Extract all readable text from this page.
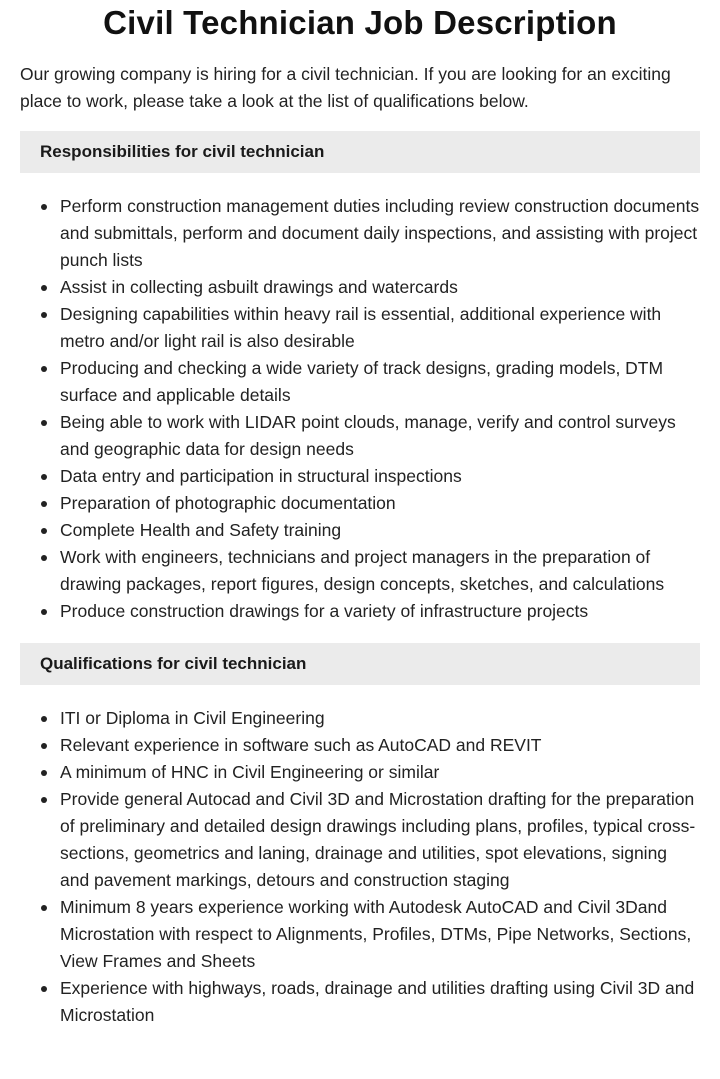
Civil Technician Job Description

Our growing company is hiring for a civil technician. If you are looking for an exciting place to work, please take a look at the list of qualifications below.

Responsibilities for civil technician
Perform construction management duties including review construction documents and submittals, perform and document daily inspections, and assisting with project punch lists
Assist in collecting asbuilt drawings and watercards
Designing capabilities within heavy rail is essential, additional experience with metro and/or light rail is also desirable
Producing and checking a wide variety of track designs, grading models, DTM surface and applicable details
Being able to work with LIDAR point clouds, manage, verify and control surveys and geographic data for design needs
Data entry and participation in structural inspections
Preparation of photographic documentation
Complete Health and Safety training
Work with engineers, technicians and project managers in the preparation of drawing packages, report figures, design concepts, sketches, and calculations
Produce construction drawings for a variety of infrastructure projects
Qualifications for civil technician
ITI or Diploma in Civil Engineering
Relevant experience in software such as AutoCAD and REVIT
A minimum of HNC in Civil Engineering or similar
Provide general Autocad and Civil 3D and Microstation drafting for the preparation of preliminary and detailed design drawings including plans, profiles, typical cross-sections, geometrics and laning, drainage and utilities, spot elevations, signing and pavement markings, detours and construction staging
Minimum 8 years experience working with Autodesk AutoCAD and Civil 3Dand Microstation with respect to Alignments, Profiles, DTMs, Pipe Networks, Sections, View Frames and Sheets
Experience with highways, roads, drainage and utilities drafting using Civil 3D and Microstation
